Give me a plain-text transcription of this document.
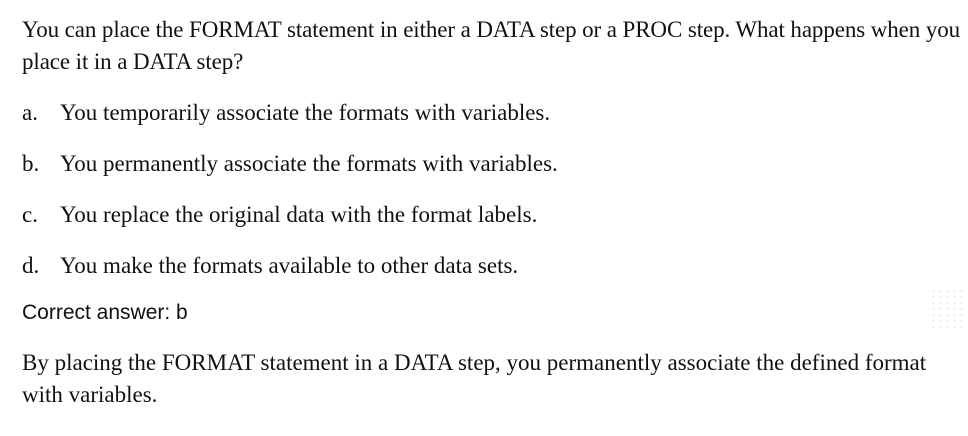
You can place the FORMAT statement in either a DATA step or a PROC step. What happens when you place it in a DATA step?
a. You temporarily associate the formats with variables.
b. You permanently associate the formats with variables.
c. You replace the original data with the format labels.
d. You make the formats available to other data sets.
Correct answer: b
By placing the FORMAT statement in a DATA step, you permanently associate the defined format with variables.
